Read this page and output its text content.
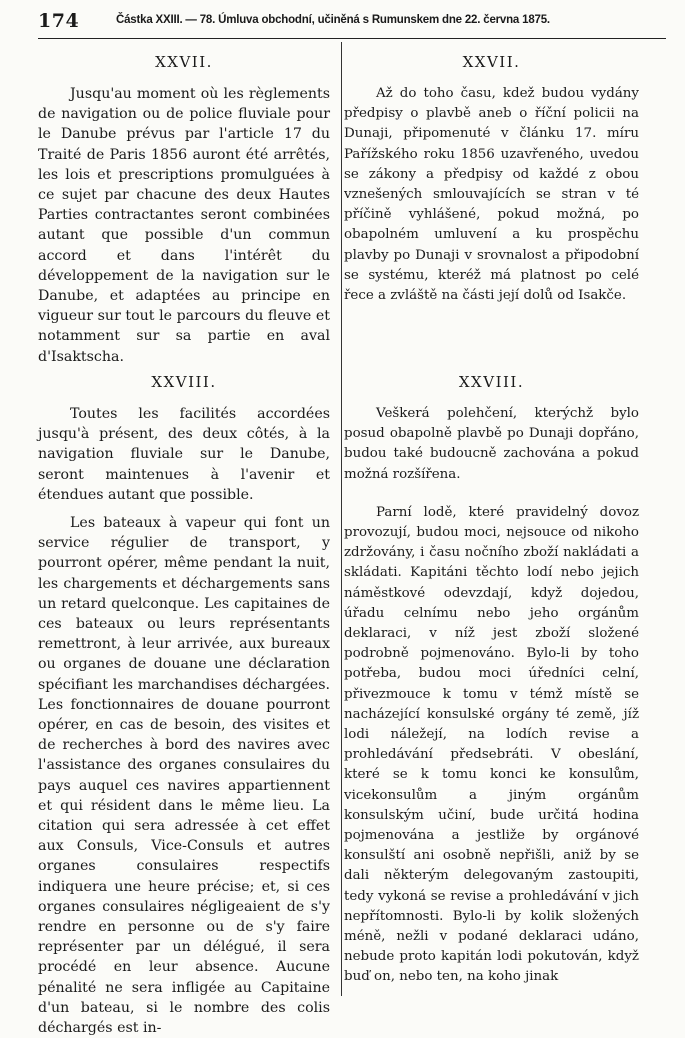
174	Částka XXIII. — 78. Úmluva obchodní, učiněná s Rumunskem dne 22. června 1875.
XXVII.

Jusqu'au moment où les règlements de navigation ou de police fluviale pour le Danube prévus par l'article 17 du Traité de Paris 1856 auront été arrêtés, les lois et prescriptions promulguées à ce sujet par chacune des deux Hautes Parties contractantes seront combinées autant que possible d'un commun accord et dans l'intérêt du développement de la navigation sur le Danube, et adaptées au principe en vigueur sur tout le parcours du fleuve et notamment sur sa partie en aval d'Isaktscha.

XXVIII.

Toutes les facilités accordées jusqu'à présent, des deux côtés, à la navigation fluviale sur le Danube, seront maintenues à l'avenir et étendues autant que possible.

Les bateaux à vapeur qui font un service régulier de transport, y pourront opérer, même pendant la nuit, les chargements et déchargements sans un retard quelconque. Les capitaines de ces bateaux ou leurs représentants remettront, à leur arrivée, aux bureaux ou organes de douane une déclaration spécifiant les marchandises déchargées. Les fonctionnaires de douane pourront opérer, en cas de besoin, des visites et de recherches à bord des navires avec l'assistance des organes consulaires du pays auquel ces navires appartiennent et qui résident dans le même lieu. La citation qui sera adressée à cet effet aux Consuls, Vice-Consuls et autres organes consulaires respectifs indiquera une heure précise; et, si ces organes consulaires négligeaient de s'y rendre en personne ou de s'y faire représenter par un délégué, il sera procédé en leur absence. Aucune pénalité ne sera infligée au Capitaine d'un bateau, si le nombre des colis déchargés est in-

XXVII.

Až do toho času, kdež budou vydány předpisy o plavbě aneb o říční policii na Dunaji, připomenuté v článku 17. míru Pařížského roku 1856 uzavřeného, uvedou se zákony a předpisy od každé z obou vznešených smlouvajících se stran v té příčině vyhlášené, pokud možná, po obapolném umluvení a ku prospěchu plavby po Dunaji v srovnalost a připodobní se systému, kteréž má platnost po celé řece a zvláště na části její dolů od Isakče.

XXVIII.

Veškerá polehčení, kterýchž bylo posud obapolně plavbě po Dunaji dopřáno, budou také budoucně zachována a pokud možná rozšířena.

Parní lodě, které pravidelný dovoz provozují, budou moci, nejsouce od nikoho zdržovány, i času nočního zboží nakládati a skládati. Kapitáni těchto lodí nebo jejich náměstkové odevzdají, když dojedou, úřadu celnímu nebo jeho orgánům deklaraci, v níž jest zboží složené podrobně pojmenováno. Bylo-li by toho potřeba, budou moci úředníci celní, přivezmouce k tomu v témž místě se nacházející konsulské orgány té země, jíž lodi náležejí, na lodích revise a prohledávání předsebráti. V obeslání, které se k tomu konci ke konsulům, vicekonsulům a jiným orgánům konsulským učiní, bude určitá hodina pojmenována a jestliže by orgánové konsulští ani osobně nepřišli, aniž by se dali některým delegovaným zastoupiti, tedy vykoná se revise a prohledávání v jich nepřítomnosti. Bylo-li by kolik složených méně, nežli v podané deklaraci udáno, nebude proto kapitán lodi pokutován, když buď on, nebo ten, na koho jinak
